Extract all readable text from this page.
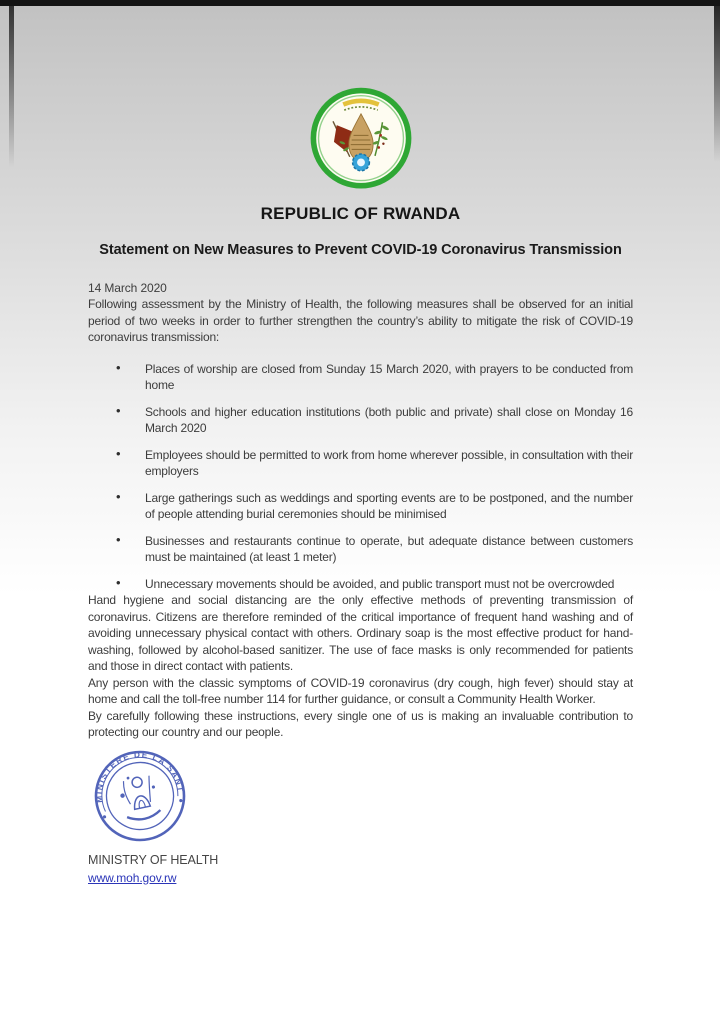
REPUBLIC OF RWANDA
Statement on New Measures to Prevent COVID-19 Coronavirus Transmission
14 March 2020

Following assessment by the Ministry of Health, the following measures shall be observed for an initial period of two weeks in order to further strengthen the country’s ability to mitigate the risk of COVID-19 coronavirus transmission:

• Places of worship are closed from Sunday 15 March 2020, with prayers to be conducted from home
• Schools and higher education institutions (both public and private) shall close on Monday 16 March 2020
• Employees should be permitted to work from home wherever possible, in consultation with their employers
• Large gatherings such as weddings and sporting events are to be postponed, and the number of people attending burial ceremonies should be minimised
• Businesses and restaurants continue to operate, but adequate distance between customers must be maintained (at least 1 meter)
• Unnecessary movements should be avoided, and public transport must not be overcrowded

Hand hygiene and social distancing are the only effective methods of preventing transmission of coronavirus. Citizens are therefore reminded of the critical importance of frequent hand washing and of avoiding unnecessary physical contact with others. Ordinary soap is the most effective product for hand-washing, followed by alcohol-based sanitizer. The use of face masks is only recommended for patients and those in direct contact with patients.

Any person with the classic symptoms of COVID-19 coronavirus (dry cough, high fever) should stay at home and call the toll-free number 114 for further guidance, or consult a Community Health Worker.

By carefully following these instructions, every single one of us is making an invaluable contribution to protecting our country and our people.

MINISTERE DE LA SANTE
MINISTRY OF HEALTH
www.moh.gov.rw
